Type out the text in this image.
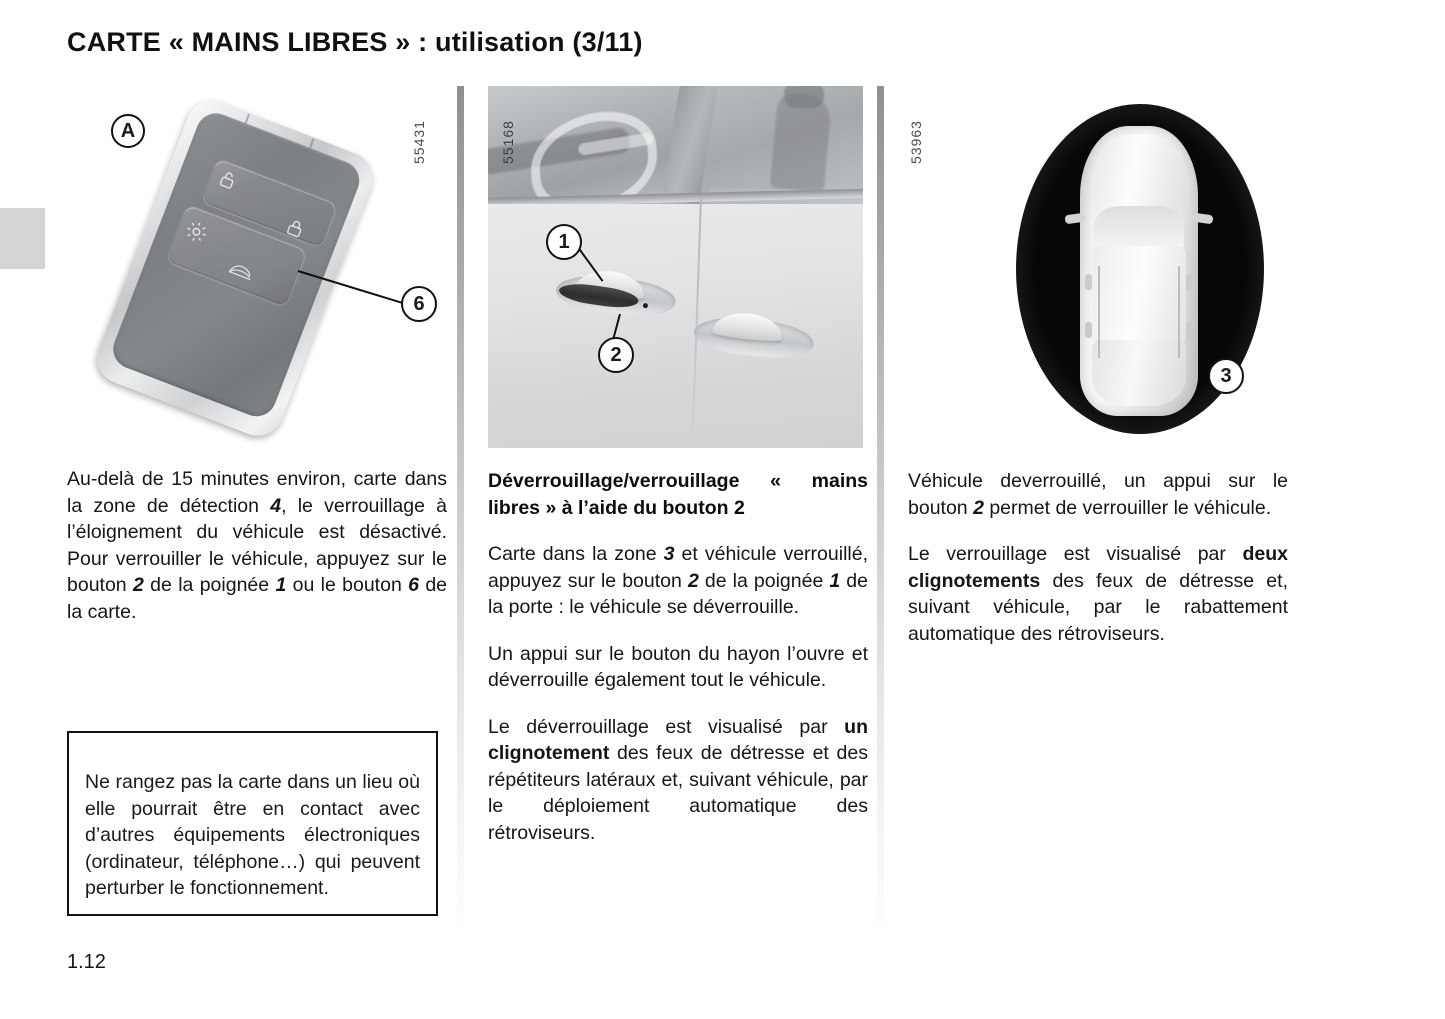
CARTE « MAINS LIBRES » : utilisation (3/11)
55431
A
6

Au-delà de 15 minutes environ, carte dans la zone de détection 4, le verrouillage à l’éloignement du véhicule est désactivé. Pour verrouiller le véhicule, appuyez sur le bouton 2 de la poignée 1 ou le bouton 6 de la carte.

Ne rangez pas la carte dans un lieu où elle pourrait être en contact avec d’autres équipements électroniques (ordinateur, téléphone…) qui peuvent perturber le fonctionnement.
1
2
55168

Déverrouillage/verrouillage « mains libres » à l’aide du bouton 2

Carte dans la zone 3 et véhicule verrouillé, appuyez sur le bouton 2 de la poignée 1 de la porte : le véhicule se déverrouille.

Un appui sur le bouton du hayon l’ouvre et déverrouille également tout le véhicule.

Le déverrouillage est visualisé par un clignotement des feux de détresse et des répétiteurs latéraux et, suivant véhicule, par le déploiement automatique des rétroviseurs.

53963
3

Véhicule deverrouillé, un appui sur le bouton 2 permet de verrouiller le véhicule.

Le verrouillage est visualisé par deux clignotements des feux de détresse et, suivant véhicule, par le rabattement automatique des rétroviseurs.

1.12
